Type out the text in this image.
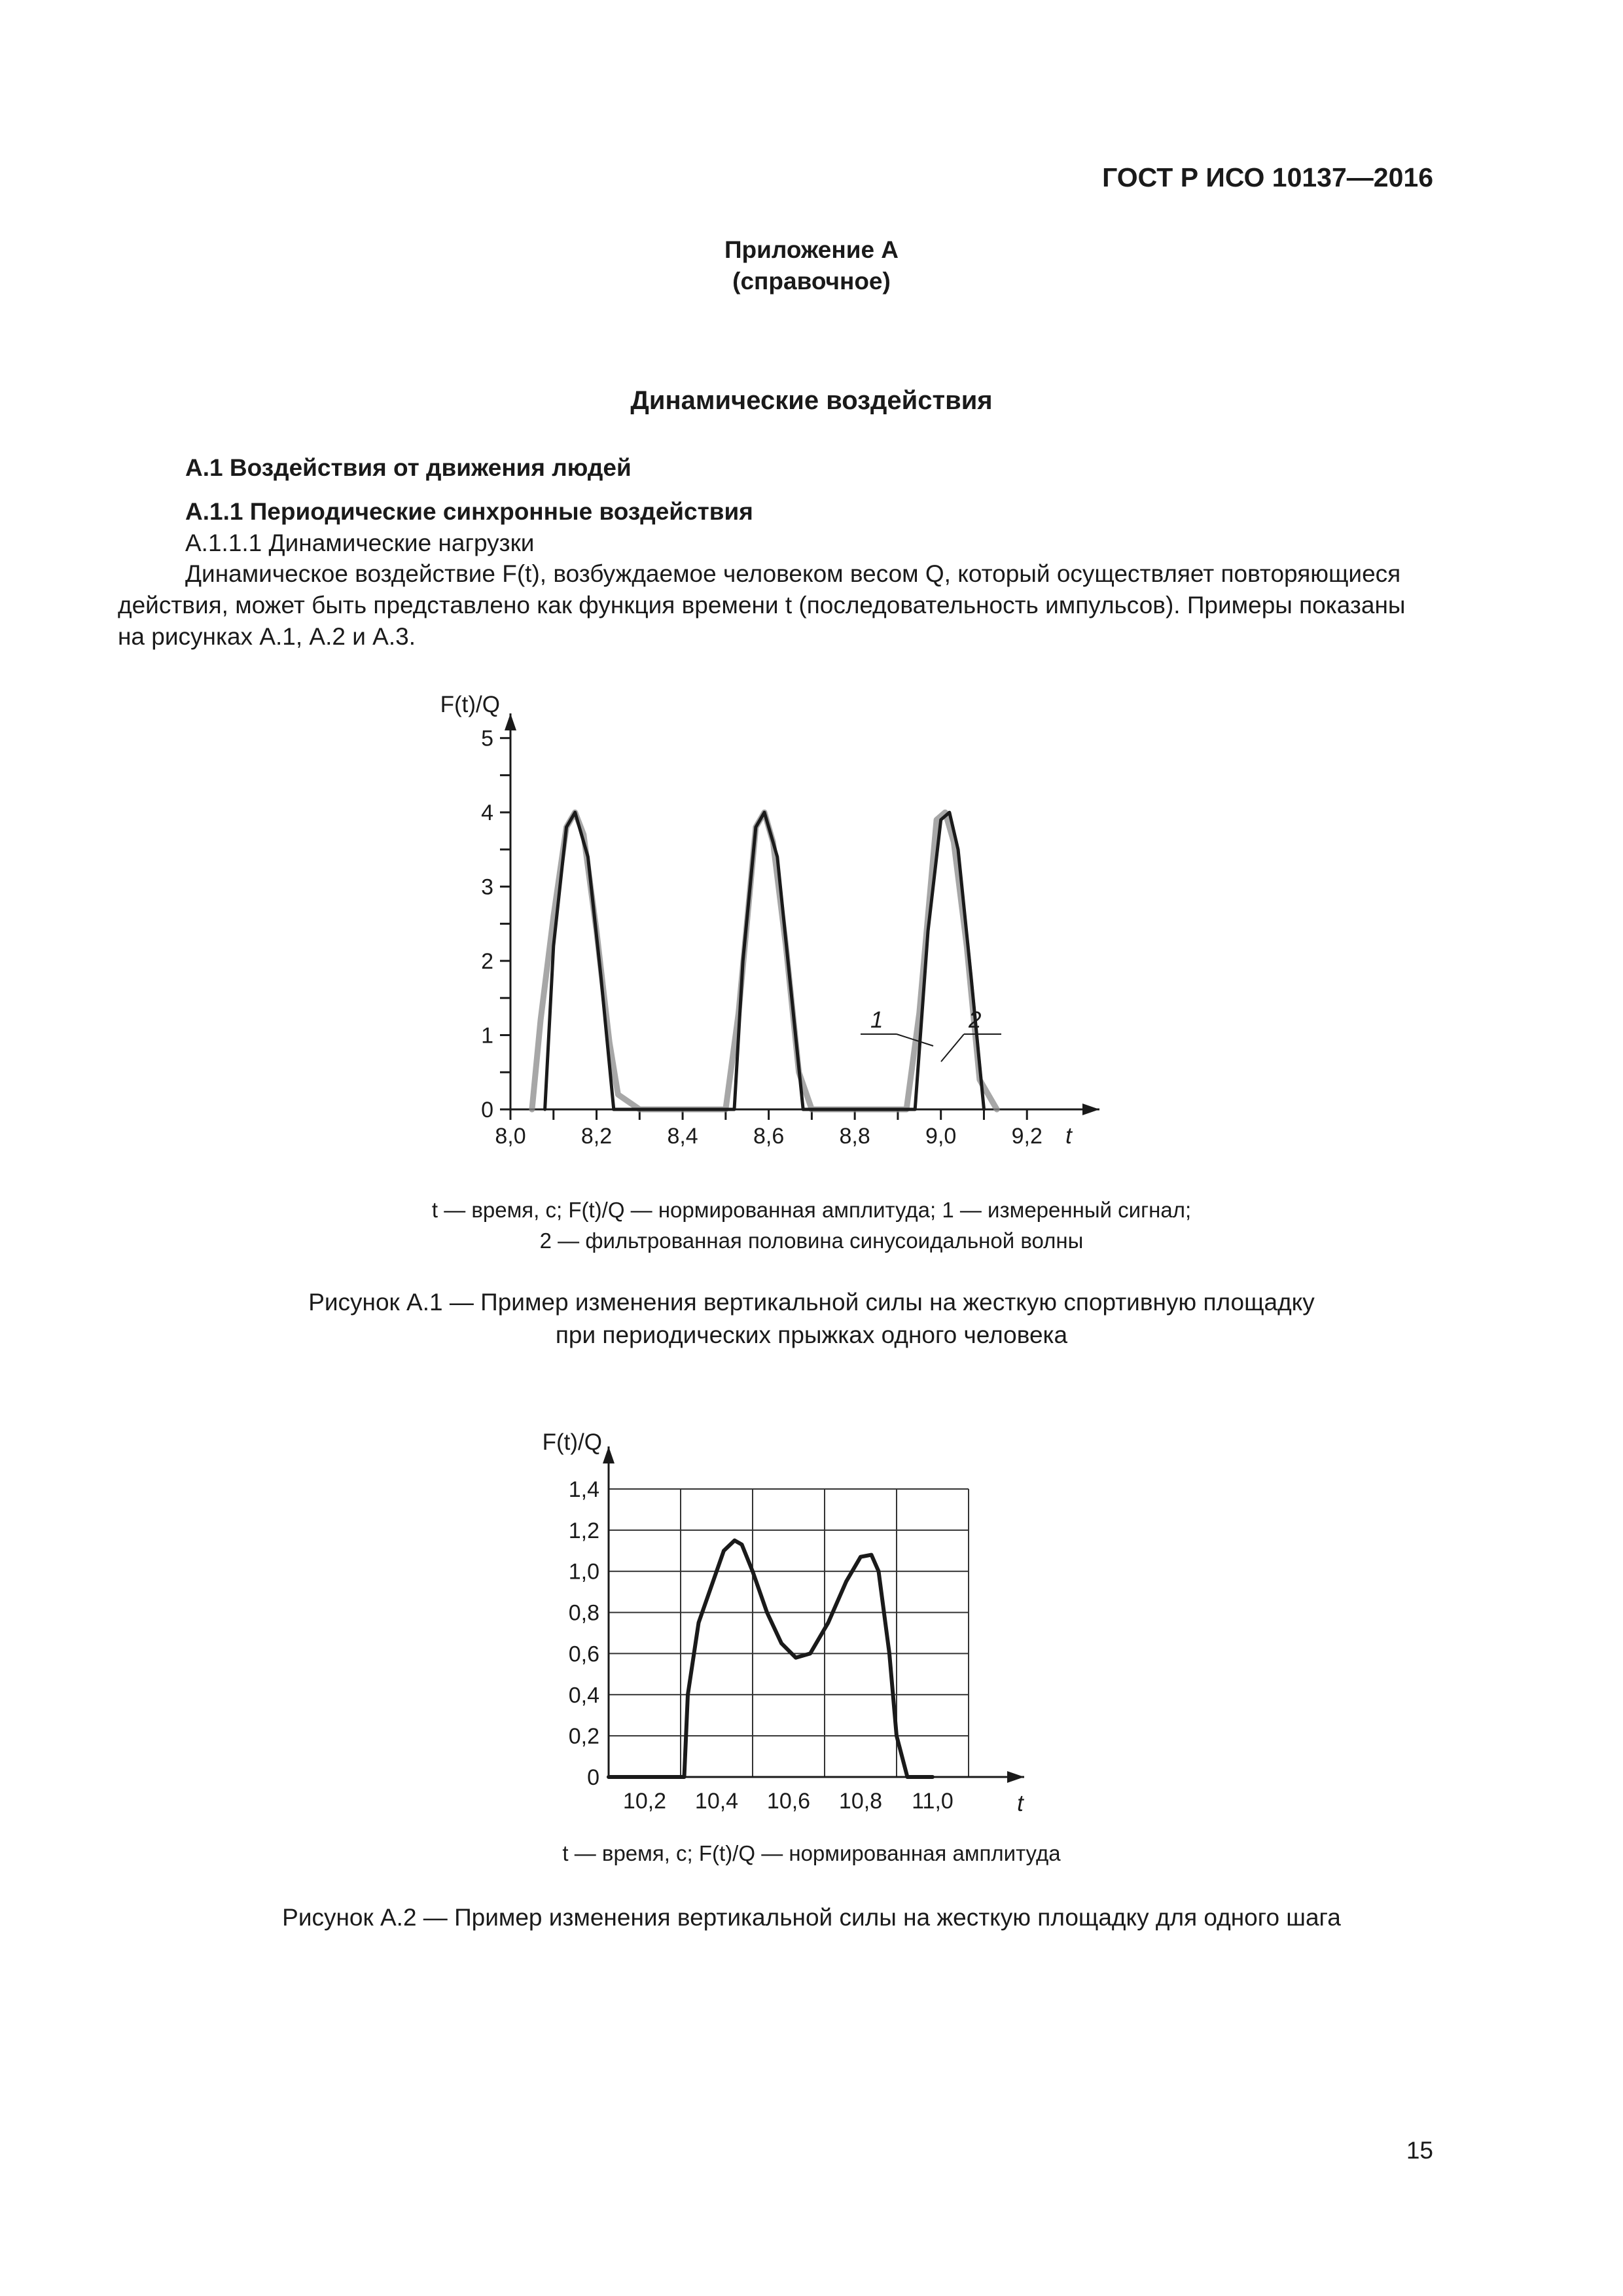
ГОСТ Р ИСО 10137—2016
Приложение А
(справочное)
Динамические воздействия
А.1 Воздействия от движения людей
А.1.1 Периодические синхронные воздействия
А.1.1.1 Динамические нагрузки
Динамическое воздействие F(t), возбуждаемое человеком весом Q, который осуществляет повторяющиеся
действия, может быть представлено как функция времени t (последовательность импульсов). Примеры показаны
на рисунках А.1, А.2 и А.3.
0
1
2
3
4
5
8,0 8,2 8,4 8,6 8,8 9,0 9,2 t
F(t)/Q
1	2
t — время, с; F(t)/Q — нормированная амплитуда; 1 — измеренный сигнал;
2 — фильтрованная половина синусоидальной волны
Рисунок А.1 — Пример изменения вертикальной силы на жесткую спортивную площадку
при периодических прыжках одного человека
0
0,2
0,4
0,6
0,8
1,0
1,2
1,4
10,2 10,4 10,6 10,8 11,0	t
F(t)/Q
t — время, с; F(t)/Q — нормированная амплитуда
Рисунок А.2 — Пример изменения вертикальной силы на жесткую площадку для одного шага
15
